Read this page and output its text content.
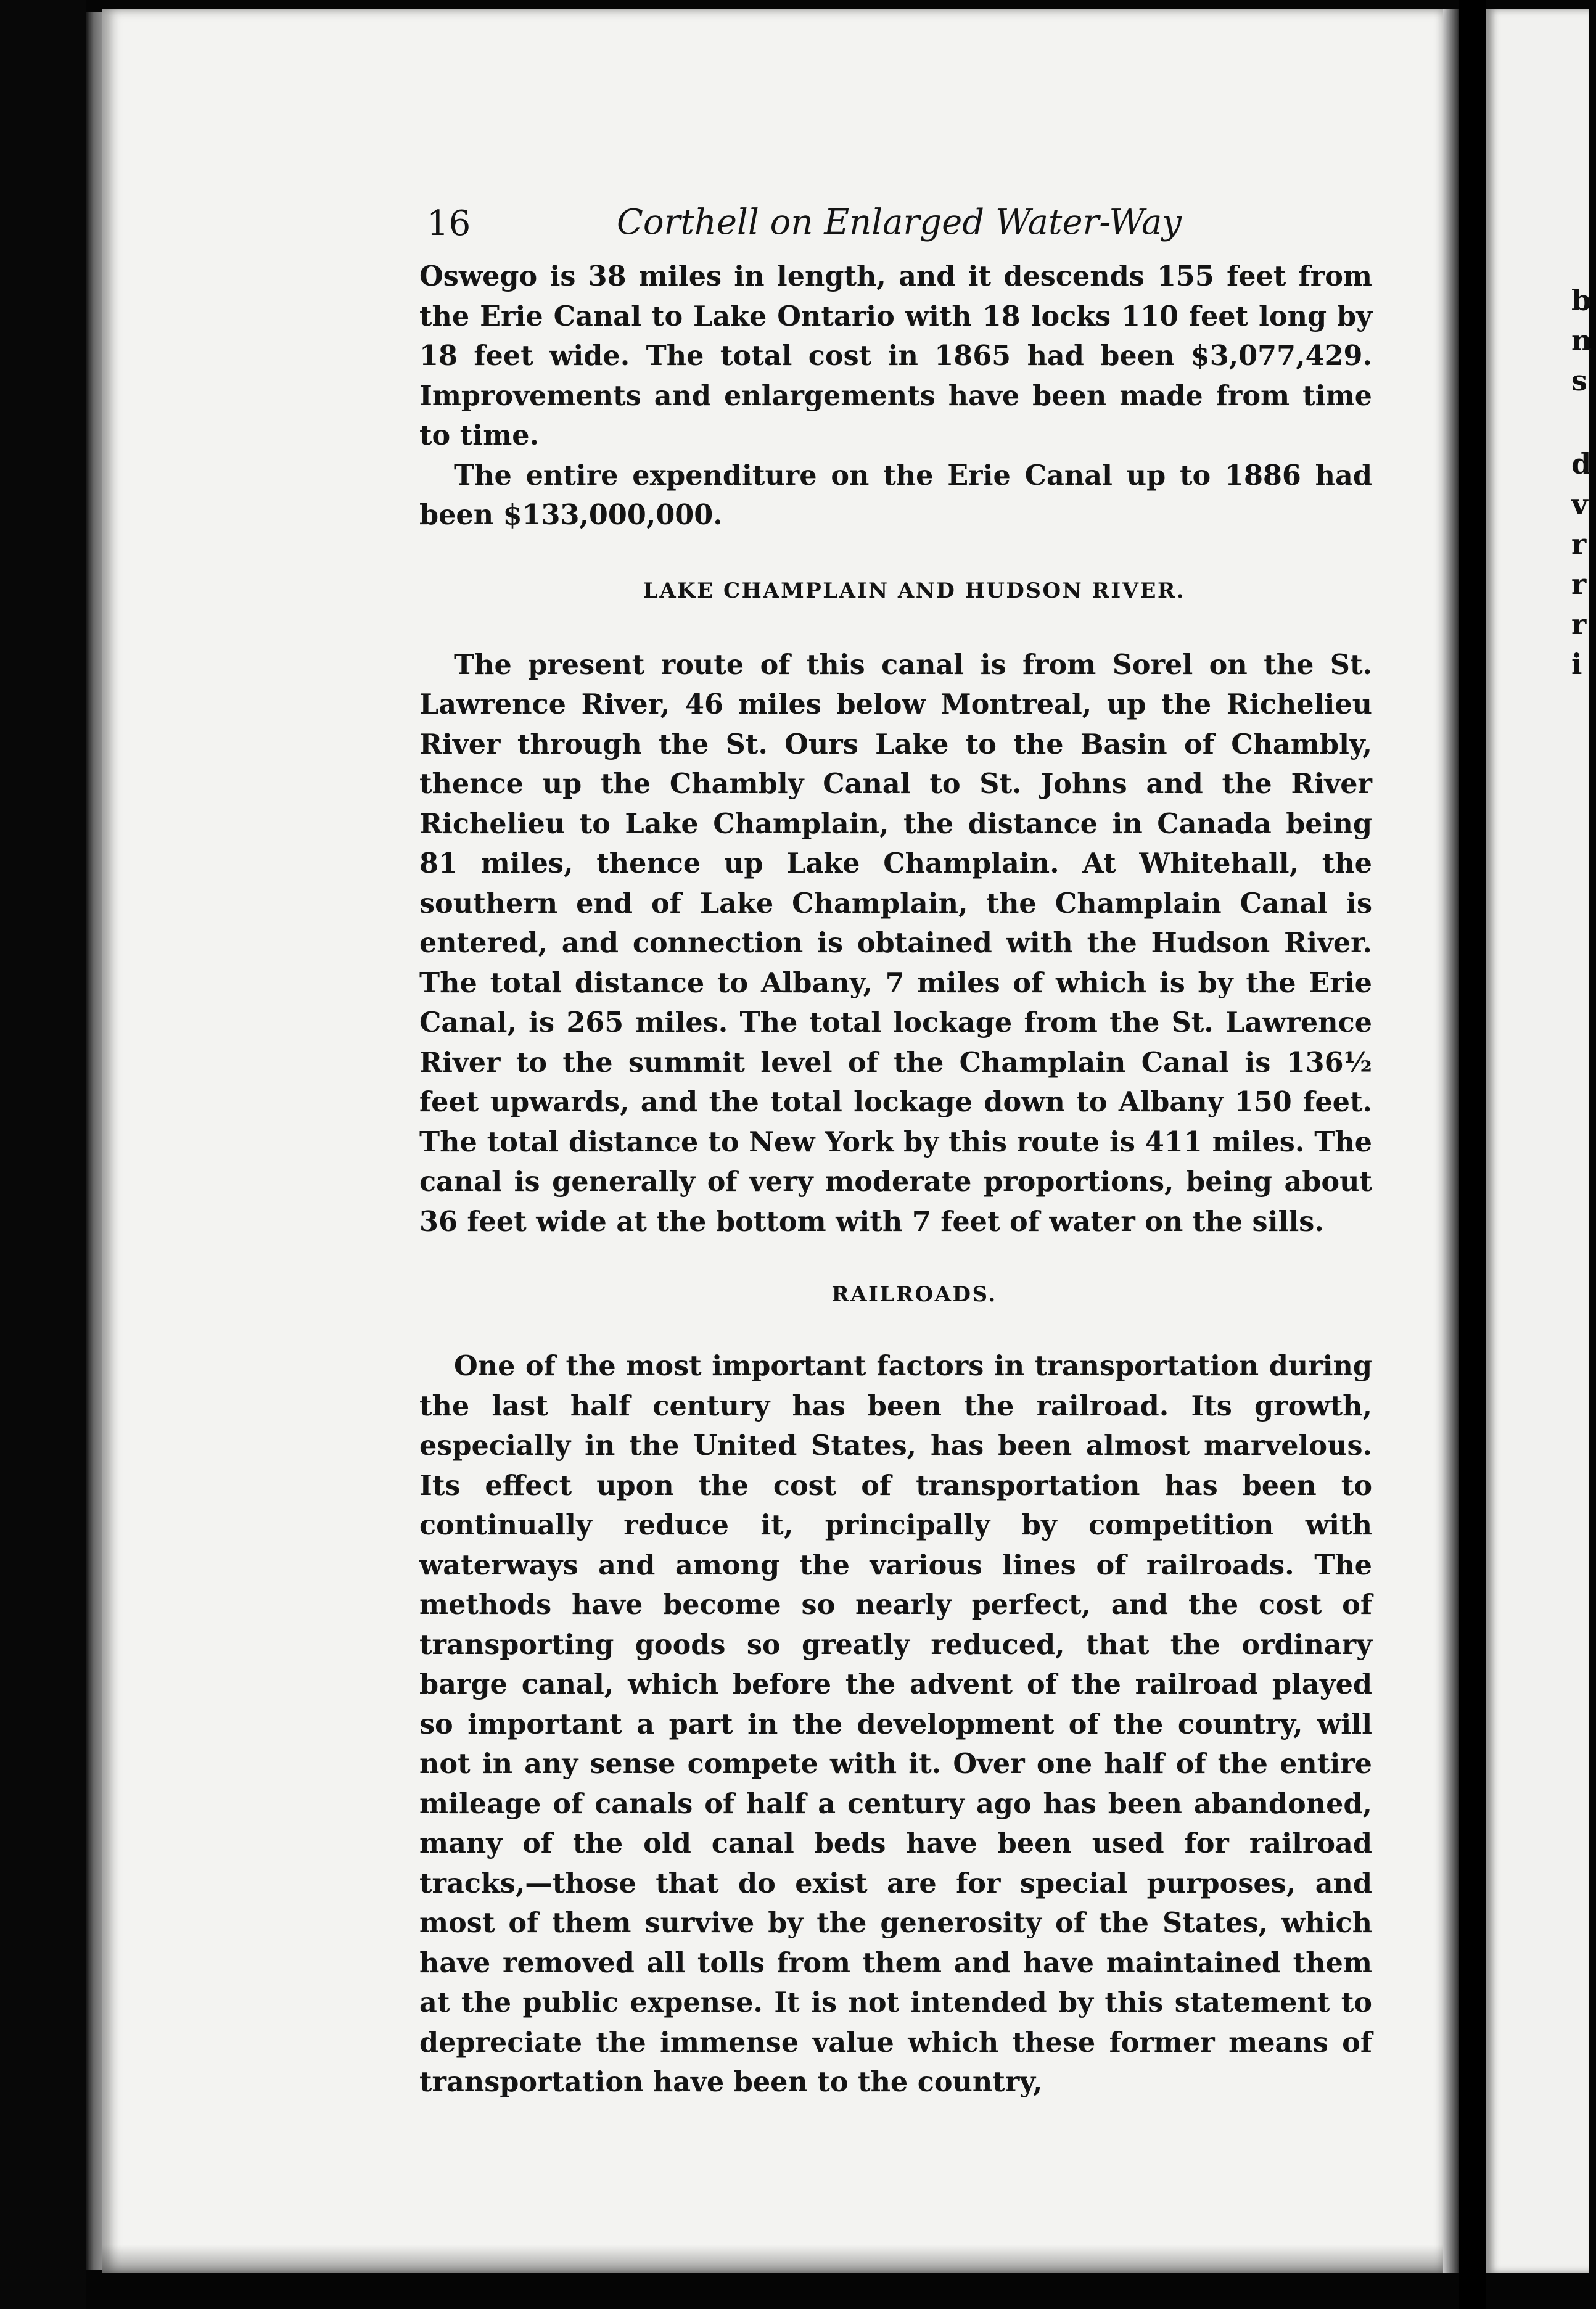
b
n
s
d
v
r
r
r
i
16	Corthell on Enlarged Water-Way

Oswego is 38 miles in length, and it descends 155 feet from the Erie Canal to Lake Ontario with 18 locks 110 feet long by 18 feet wide. The total cost in 1865 had been $3,077,429. Improvements and enlargements have been made from time to time.

The entire expenditure on the Erie Canal up to 1886 had been $133,000,000.

LAKE CHAMPLAIN AND HUDSON RIVER.

The present route of this canal is from Sorel on the St. Lawrence River, 46 miles below Montreal, up the Richelieu River through the St. Ours Lake to the Basin of Chambly, thence up the Chambly Canal to St. Johns and the River Richelieu to Lake Champlain, the distance in Canada being 81 miles, thence up Lake Champlain. At Whitehall, the southern end of Lake Champlain, the Champlain Canal is entered, and connection is obtained with the Hudson River. The total distance to Albany, 7 miles of which is by the Erie Canal, is 265 miles. The total lockage from the St. Lawrence River to the summit level of the Champlain Canal is 136½ feet upwards, and the total lockage down to Albany 150 feet. The total distance to New York by this route is 411 miles. The canal is generally of very moderate proportions, being about 36 feet wide at the bottom with 7 feet of water on the sills.

RAILROADS.

One of the most important factors in transportation during the last half century has been the railroad. Its growth, especially in the United States, has been almost marvelous. Its effect upon the cost of transportation has been to continually reduce it, principally by competition with waterways and among the various lines of railroads. The methods have become so nearly perfect, and the cost of transporting goods so greatly reduced, that the ordinary barge canal, which before the advent of the railroad played so important a part in the development of the country, will not in any sense compete with it. Over one half of the entire mileage of canals of half a century ago has been abandoned, many of the old canal beds have been used for railroad tracks,—those that do exist are for special purposes, and most of them survive by the generosity of the States, which have removed all tolls from them and have maintained them at the public expense. It is not intended by this statement to depreciate the immense value which these former means of transportation have been to the country,
